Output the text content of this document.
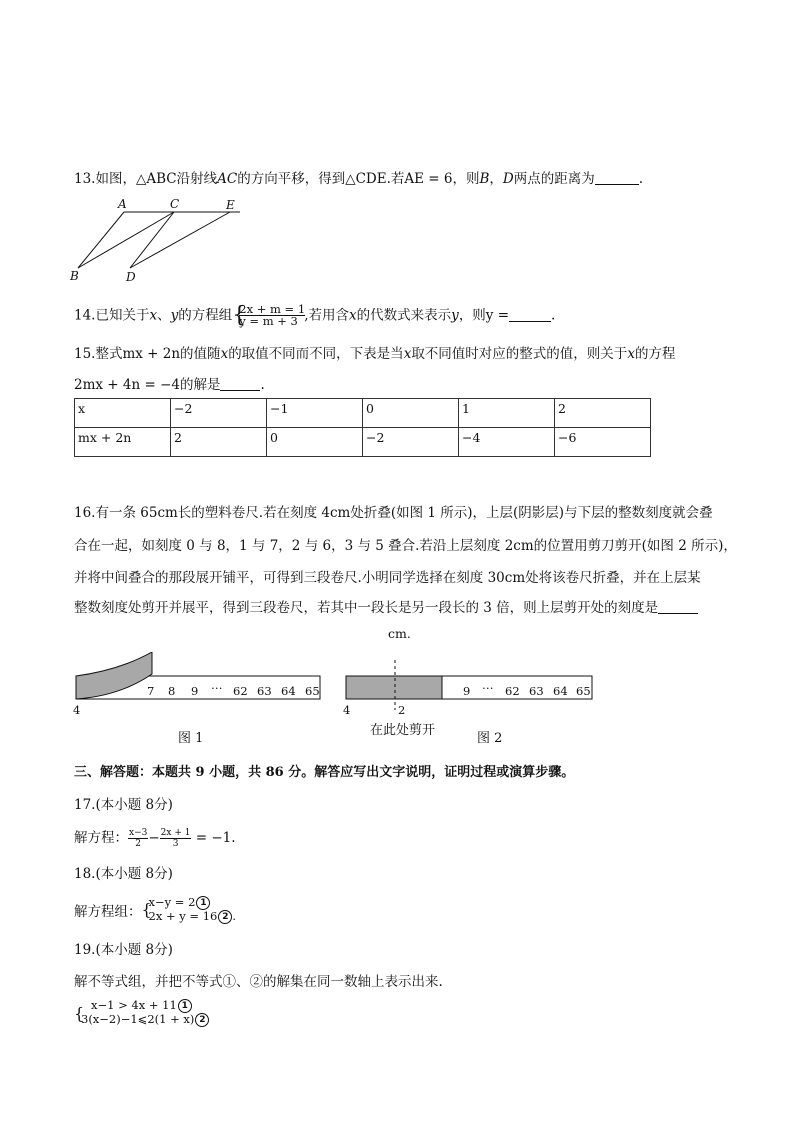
13.如图，△ABC沿射线AC的方向平移，得到△CDE.若AE = 6，则B，D两点的距离为	.
A	C	E
B	D
14.已知关于x、y的方程组 {
$\frac{2x + m = 1}{y = m + 3}$ ,若用含x的代数式来表示y，则y =	.
15.整式mx + 2n的值随x的取值不同而不同，下表是当x取不同值时对应的整式的值，则关于x的方程
2mx + 4n = −4的解是	.
x	−2	−1	0	1	2
mx + 2n	2	0	−2	−4	−6
16.有一条 65cm长的塑料卷尺.若在刻度 4cm处折叠(如图 1 所示)，上层(阴影层)与下层的整数刻度就会叠
合在一起，如刻度 0 与 8，1 与 7，2 与 6，3 与 5 叠合.若沿上层刻度 2cm的位置用剪刀剪开(如图 2 所示)，
并将中间叠合的那段展开铺平，可得到三段卷尺.小明同学选择在刻度 30cm处将该卷尺折叠，并在上层某
整数刻度处剪开并展平，得到三段卷尺，若其中一段长是另一段长的 3 倍，则上层剪开处的刻度是
cm.
7 8 9 … 62 63 64 65
4
图 1
9 … 62 63 64 65
4	2
在此处剪开
图 2
三、解答题：本题共 9 小题，共 86 分。解答应写出文字说明，证明过程或演算步骤。
17.(本小题 8分)
解方程： $\frac{x-3}{2} - \frac{2x + 1}{3} = -1$.
18.(本小题 8分)
解方程组： {
x−y = 2 1
2x + y = 16 2 .
19.(本小题 8分)
解不等式组，并把不等式①、②的解集在同一数轴上表示出来.
{ x−1 > 4x + 11 1
3(x−2)−1⩽2(1 + x) 2
